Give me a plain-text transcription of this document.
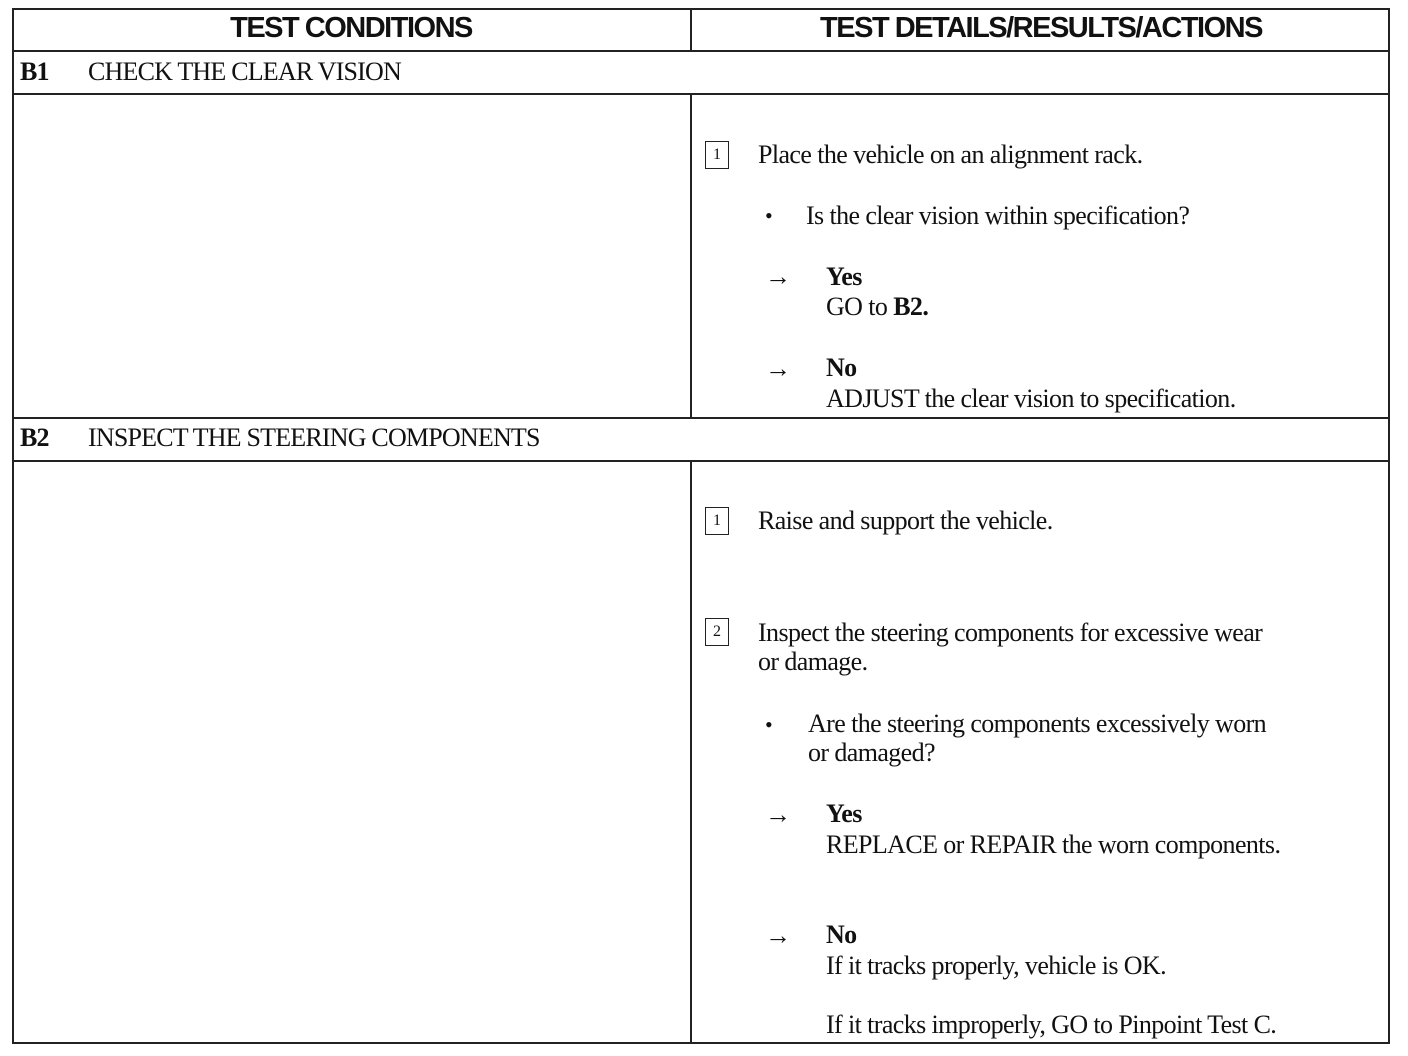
TEST CONDITIONS	TEST DETAILS/RESULTS/ACTIONS
B1 CHECK THE CLEAR VISION
1	Place the vehicle on an alignment rack.
• Is the clear vision within specification?
→ Yes
GO to B2.
→ No
ADJUST the clear vision to specification.
B2 INSPECT THE STEERING COMPONENTS
1	Raise and support the vehicle.
2	Inspect the steering components for excessive wear
or damage.
• Are the steering components excessively worn
or damaged?
→ Yes
REPLACE or REPAIR the worn components.
→ No
If it tracks properly, vehicle is OK.
If it tracks improperly, GO to Pinpoint Test C.
